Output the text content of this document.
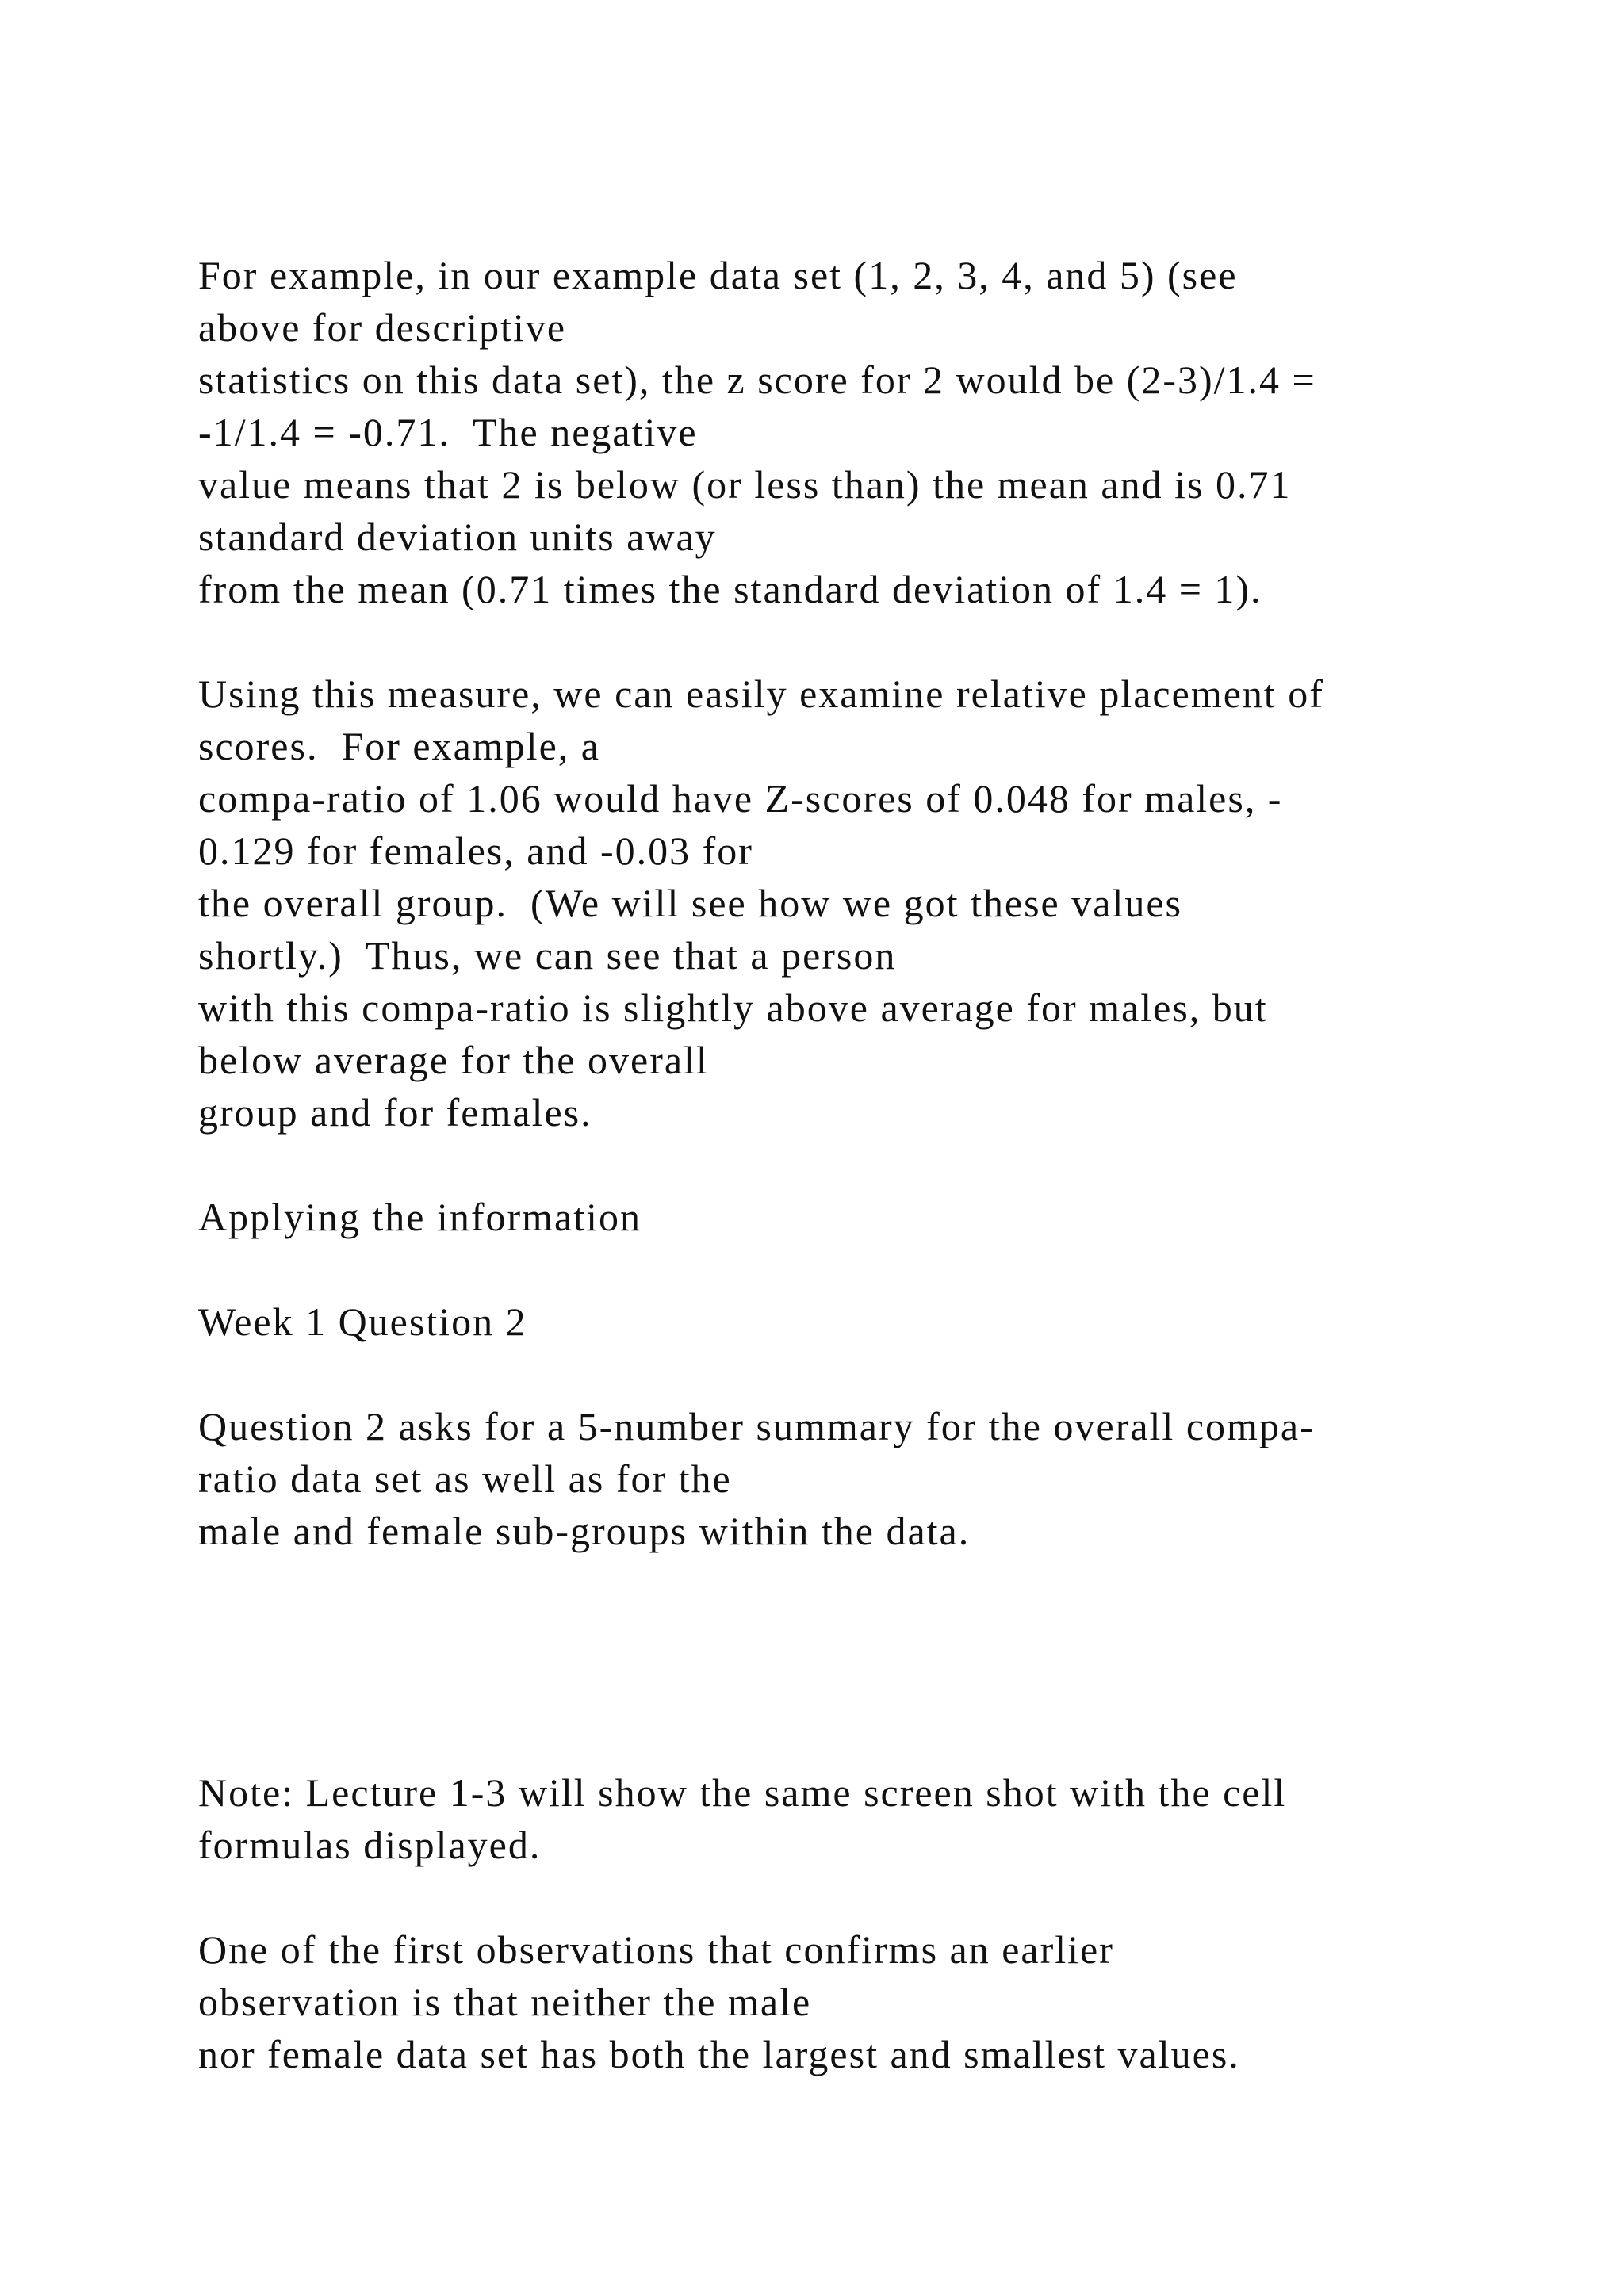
For example, in our example data set (1, 2, 3, 4, and 5) (see
above for descriptive
statistics on this data set), the z score for 2 would be (2-3)/1.4 =
-1/1.4 = -0.71.  The negative
value means that 2 is below (or less than) the mean and is 0.71
standard deviation units away
from the mean (0.71 times the standard deviation of 1.4 = 1).
Using this measure, we can easily examine relative placement of
scores.  For example, a
compa-ratio of 1.06 would have Z-scores of 0.048 for males, -
0.129 for females, and -0.03 for
the overall group.  (We will see how we got these values
shortly.)  Thus, we can see that a person
with this compa-ratio is slightly above average for males, but
below average for the overall
group and for females.
Applying the information
Week 1 Question 2
Question 2 asks for a 5-number summary for the overall compa-
ratio data set as well as for the
male and female sub-groups within the data.
Note: Lecture 1-3 will show the same screen shot with the cell
formulas displayed.
One of the first observations that confirms an earlier
observation is that neither the male
nor female data set has both the largest and smallest values.
